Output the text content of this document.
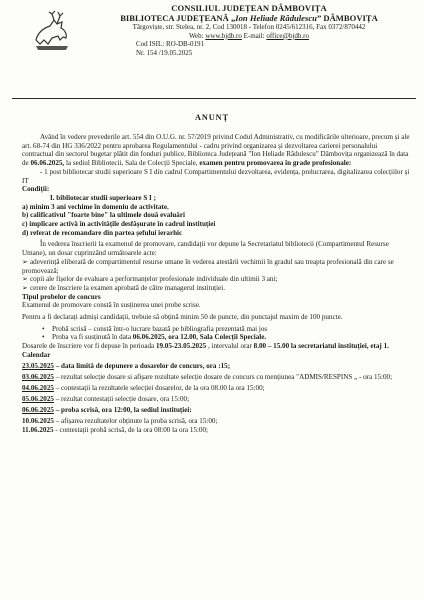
CONSILIUL JUDEȚEAN DÂMBOVIȚA
BIBLIOTECA JUDEȚEANĂ „Ion Heliade Rădulescu” DÂMBOVIȚA
Târgoviște, str. Stelea, nr. 2, Cod 130018 - Telefon 0245/612316, Fax 0372/870442
Web: www.bjdb.ro E-mail: office@bjdb.ro
Cod ISIL: RO-DB-0191
Nr. 154 /19.05.2025
ANUNȚ

Având în vedere prevederile art. 554 din O.U.G. nr. 57/2019 privind Codul Administrativ, cu modificările ulterioare, precum și ale art. 68-74 din HG 336/2022 pentru aprobarea Regulamentului - cadru privind organizarea și dezvoltarea carierei personalului contractual din sectorul bugetar plătit din fonduri publice, Biblioteca Județeană "Ion Heliade Rădulescu" Dâmbovița organizează în data de 06.06.2025, la sediul Bibliotecii, Sala de Colecții Speciale, examen pentru promovarea în grade profesionale:

- 1 post bibliotecar studii superioare S I din cadrul Compartimentului dezvoltarea, evidența, prelucrarea, digitalizarea colecțiilor și IT

Condiții:

I. bibliotecar studii superioare S I ;

a) minim 3 ani vechime în domeniu de activitate.

b) calificativul "foarte bine" la ultimele două evaluări

c) implicare activă în activitățile desfășurate în cadrul instituției

d) referat de recomandare din partea șefului ierarhic

În vederea înscrierii la examenul de promovare, candidații vor depune la Secretariatul bibliotecii (Compartimentul Resurse Umane), un dosar cuprinzând următoarele acte:

➢ adeverință eliberată de compartimentul resurse umane în vederea atestării vechimii în gradul sau treapta profesională din care se promovează;

➢ copii ale fișelor de evaluare a performanțelor profesionale individuale din ultimii 3 ani;

➢ cerere de înscriere la examen aprobată de către managerul instituției.

Tipul probelor de concurs

Examenul de promovare constă în susținerea unei probe scrise.

Pentru a fi declarați admiși candidații, trebuie să obțină minim 50 de puncte, din punctajul maxim de 100 puncte.

• Probă scrisă – constă într-o lucrare bazată pe bibliografia prezentată mai jos

• Proba va fi susținută în data 06.06.2025, ora 12.00, Sala Colecții Speciale.

Dosarele de înscriere vor fi depuse în perioada 19.05-23.05.2025 , intervalul orar 8.00 – 15.00 la secretariatul instituției, etaj 1.

Calendar

23.05.2025 – data limită de depunere a dosarelor de concurs, ora :15;

03.06.2025 – rezultat selecție dosare si afișare rezultate selecție dosare de concurs cu mențiunea "ADMIS/RESPINS „ - ora 15:00;

04.06.2025 – contestații la rezultatele selecției dosarelor, de la ora 08.00 la ora 15:00;

05.06.2025 – rezultat contestații selecție dosare, ora 15:00;

06.06.2025 – proba scrisă, ora 12:00, la sediul instituției:

10.06.2025 – afișarea rezultatelor obținute la proba scrisă, ora 15:00;

11.06.2025 - contestații probă scrisă, de la ora 08:00 la ora 15:00;
